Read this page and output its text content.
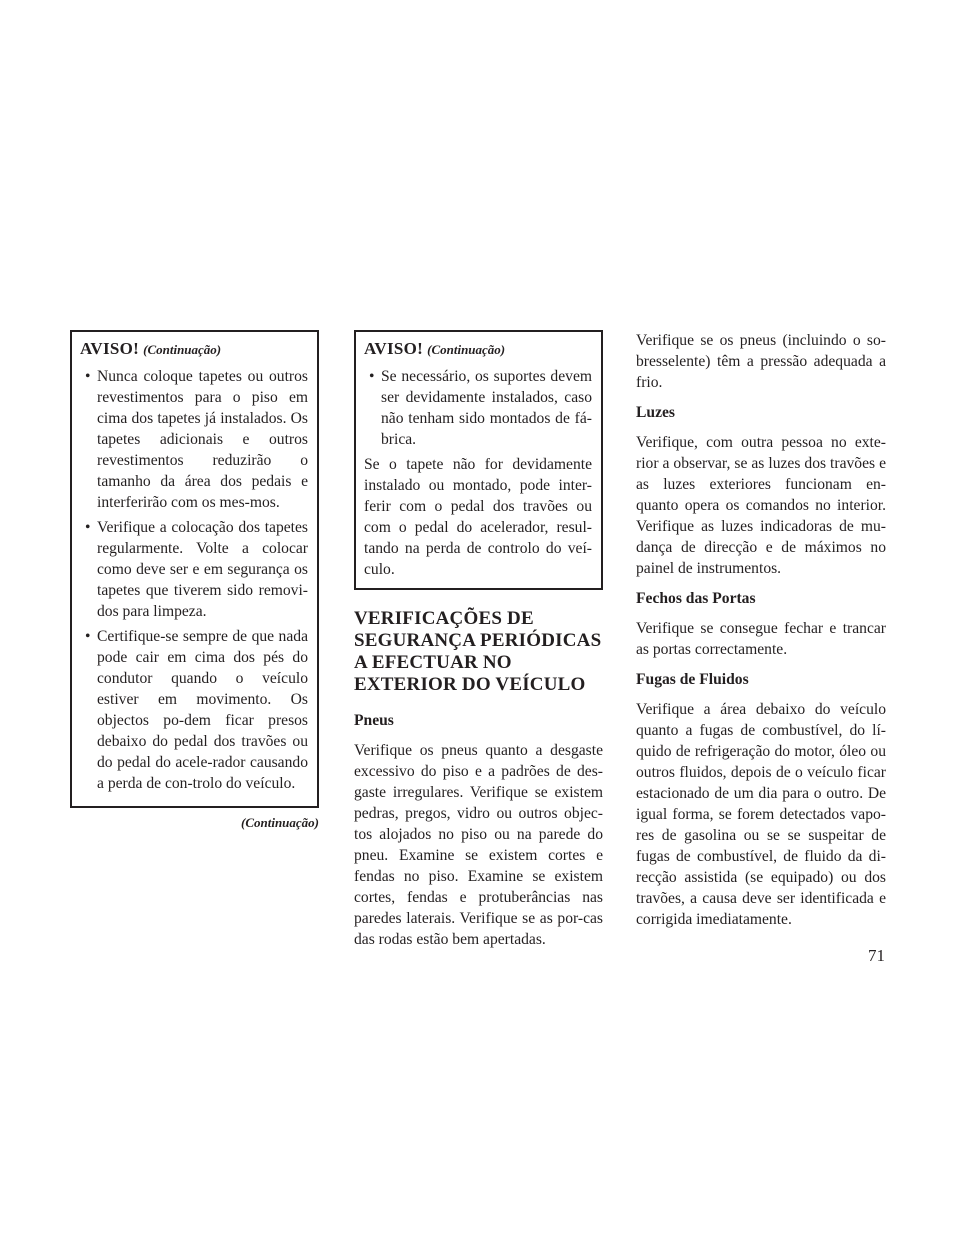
AVISO! (Continuação)
• Nunca coloque tapetes ou outros revestimentos para o piso em cima dos tapetes já instalados. Os tapetes adicionais e outros revestimentos reduzirão o tamanho da área dos pedais e interferirão com os mes-mos.
• Verifique a colocação dos tapetes regularmente. Volte a colocar como deve ser e em segurança os tapetes que tiverem sido removi-dos para limpeza.
• Certifique-se sempre de que nada pode cair em cima dos pés do condutor quando o veículo estiver em movimento. Os objectos po-dem ficar presos debaixo do pedal dos travões ou do pedal do acele-rador causando a perda de con-trolo do veículo.
(Continuação)
AVISO! (Continuação)
• Se necessário, os suportes devem ser devidamente instalados, caso não tenham sido montados de fá-brica.

Se o tapete não for devidamente instalado ou montado, pode inter-ferir com o pedal dos travões ou com o pedal do acelerador, resul-tando na perda de controlo do veí-culo.

VERIFICAÇÕES DE SEGURANÇA PERIÓDICAS A EFECTUAR NO EXTERIOR DO VEÍCULO
Pneus

Verifique os pneus quanto a desgaste excessivo do piso e a padrões de des-gaste irregulares. Verifique se existem pedras, pregos, vidro ou outros objec-tos alojados no piso ou na parede do pneu. Examine se existem cortes e fendas no piso. Examine se existem cortes, fendas e protuberâncias nas paredes laterais. Verifique se as por-cas das rodas estão bem apertadas.

Verifique se os pneus (incluindo o so-bresselente) têm a pressão adequada a frio.

Luzes

Verifique, com outra pessoa no exte-rior a observar, se as luzes dos travões e as luzes exteriores funcionam en-quanto opera os comandos no interior. Verifique as luzes indicadoras de mu-dança de direcção e de máximos no painel de instrumentos.

Fechos das Portas

Verifique se consegue fechar e trancar as portas correctamente.

Fugas de Fluidos

Verifique a área debaixo do veículo quanto a fugas de combustível, do lí-quido de refrigeração do motor, óleo ou outros fluidos, depois de o veículo ficar estacionado de um dia para o outro. De igual forma, se forem detectados vapo-res de gasolina ou se se suspeitar de fugas de combustível, de fluido da di-recção assistida (se equipado) ou dos travões, a causa deve ser identificada e corrigida imediatamente.

71
